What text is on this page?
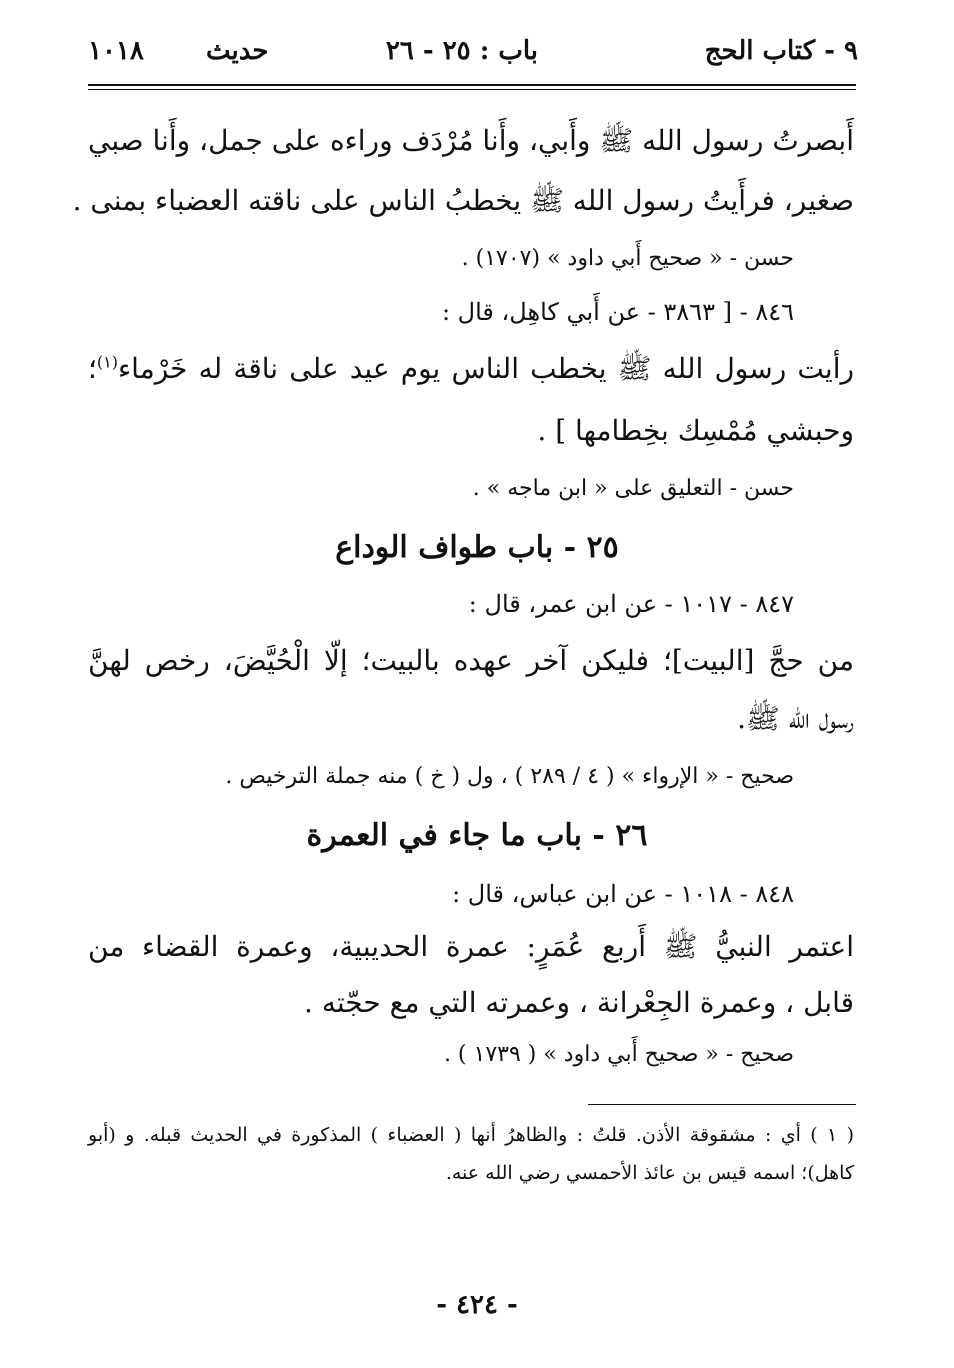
٩ - كتاب الحج
باب : ٢٥ - ٢٦
حديث
١٠١٨
أَبصرتُ رسول الله ﷺ وأَبي، وأَنا مُرْدَف وراءه على جمل، وأَنا صبي
صغير، فرأَيتُ رسول الله ﷺ يخطبُ الناس على ناقته العضباء بمنى .
حسن - « صحيح أَبي داود » (١٧٠٧) .
٨٤٦ - [ ٣٨٦٣ - عن أَبي كاهِل، قال :
رأيت رسول الله ﷺ يخطب الناس يوم عيد على ناقة له خَرْماء$^{(١)}$؛
وحبشي مُمْسِك بخِطامها ] .
حسن - التعليق على « ابن ماجه » .
٢٥ - باب طواف الوداع
٨٤٧ - ١٠١٧ - عن ابن عمر، قال :
من حجَّ [البيت]؛ فليكن آخر عهده بالبيت؛ إلّا الْحُيَّضَ، رخص لهنَّ
رسول الله ﷺ.
صحيح - « الإرواء » ( ٤ / ٢٨٩ ) ، ول ( خ ) منه جملة الترخيص .
٢٦ - باب ما جاء في العمرة
٨٤٨ - ١٠١٨ - عن ابن عباس، قال :
اعتمر النبيُّ ﷺ أَربع عُمَرٍ: عمرة الحديبية، وعمرة القضاء من
قابل ، وعمرة الجِعْرانة ، وعمرته التي مع حجّته .
صحيح - « صحيح أَبي داود » ( ١٧٣٩ ) .
( ١ ) أي : مشقوقة الأذن. قلتُ : والظاهرُ أنها ( العضباء ) المذكورة في الحديث قبله. و (أبو
كاهل)؛ اسمه قيس بن عائذ الأحمسي رضي الله عنه.
- ٤٢٤ -
